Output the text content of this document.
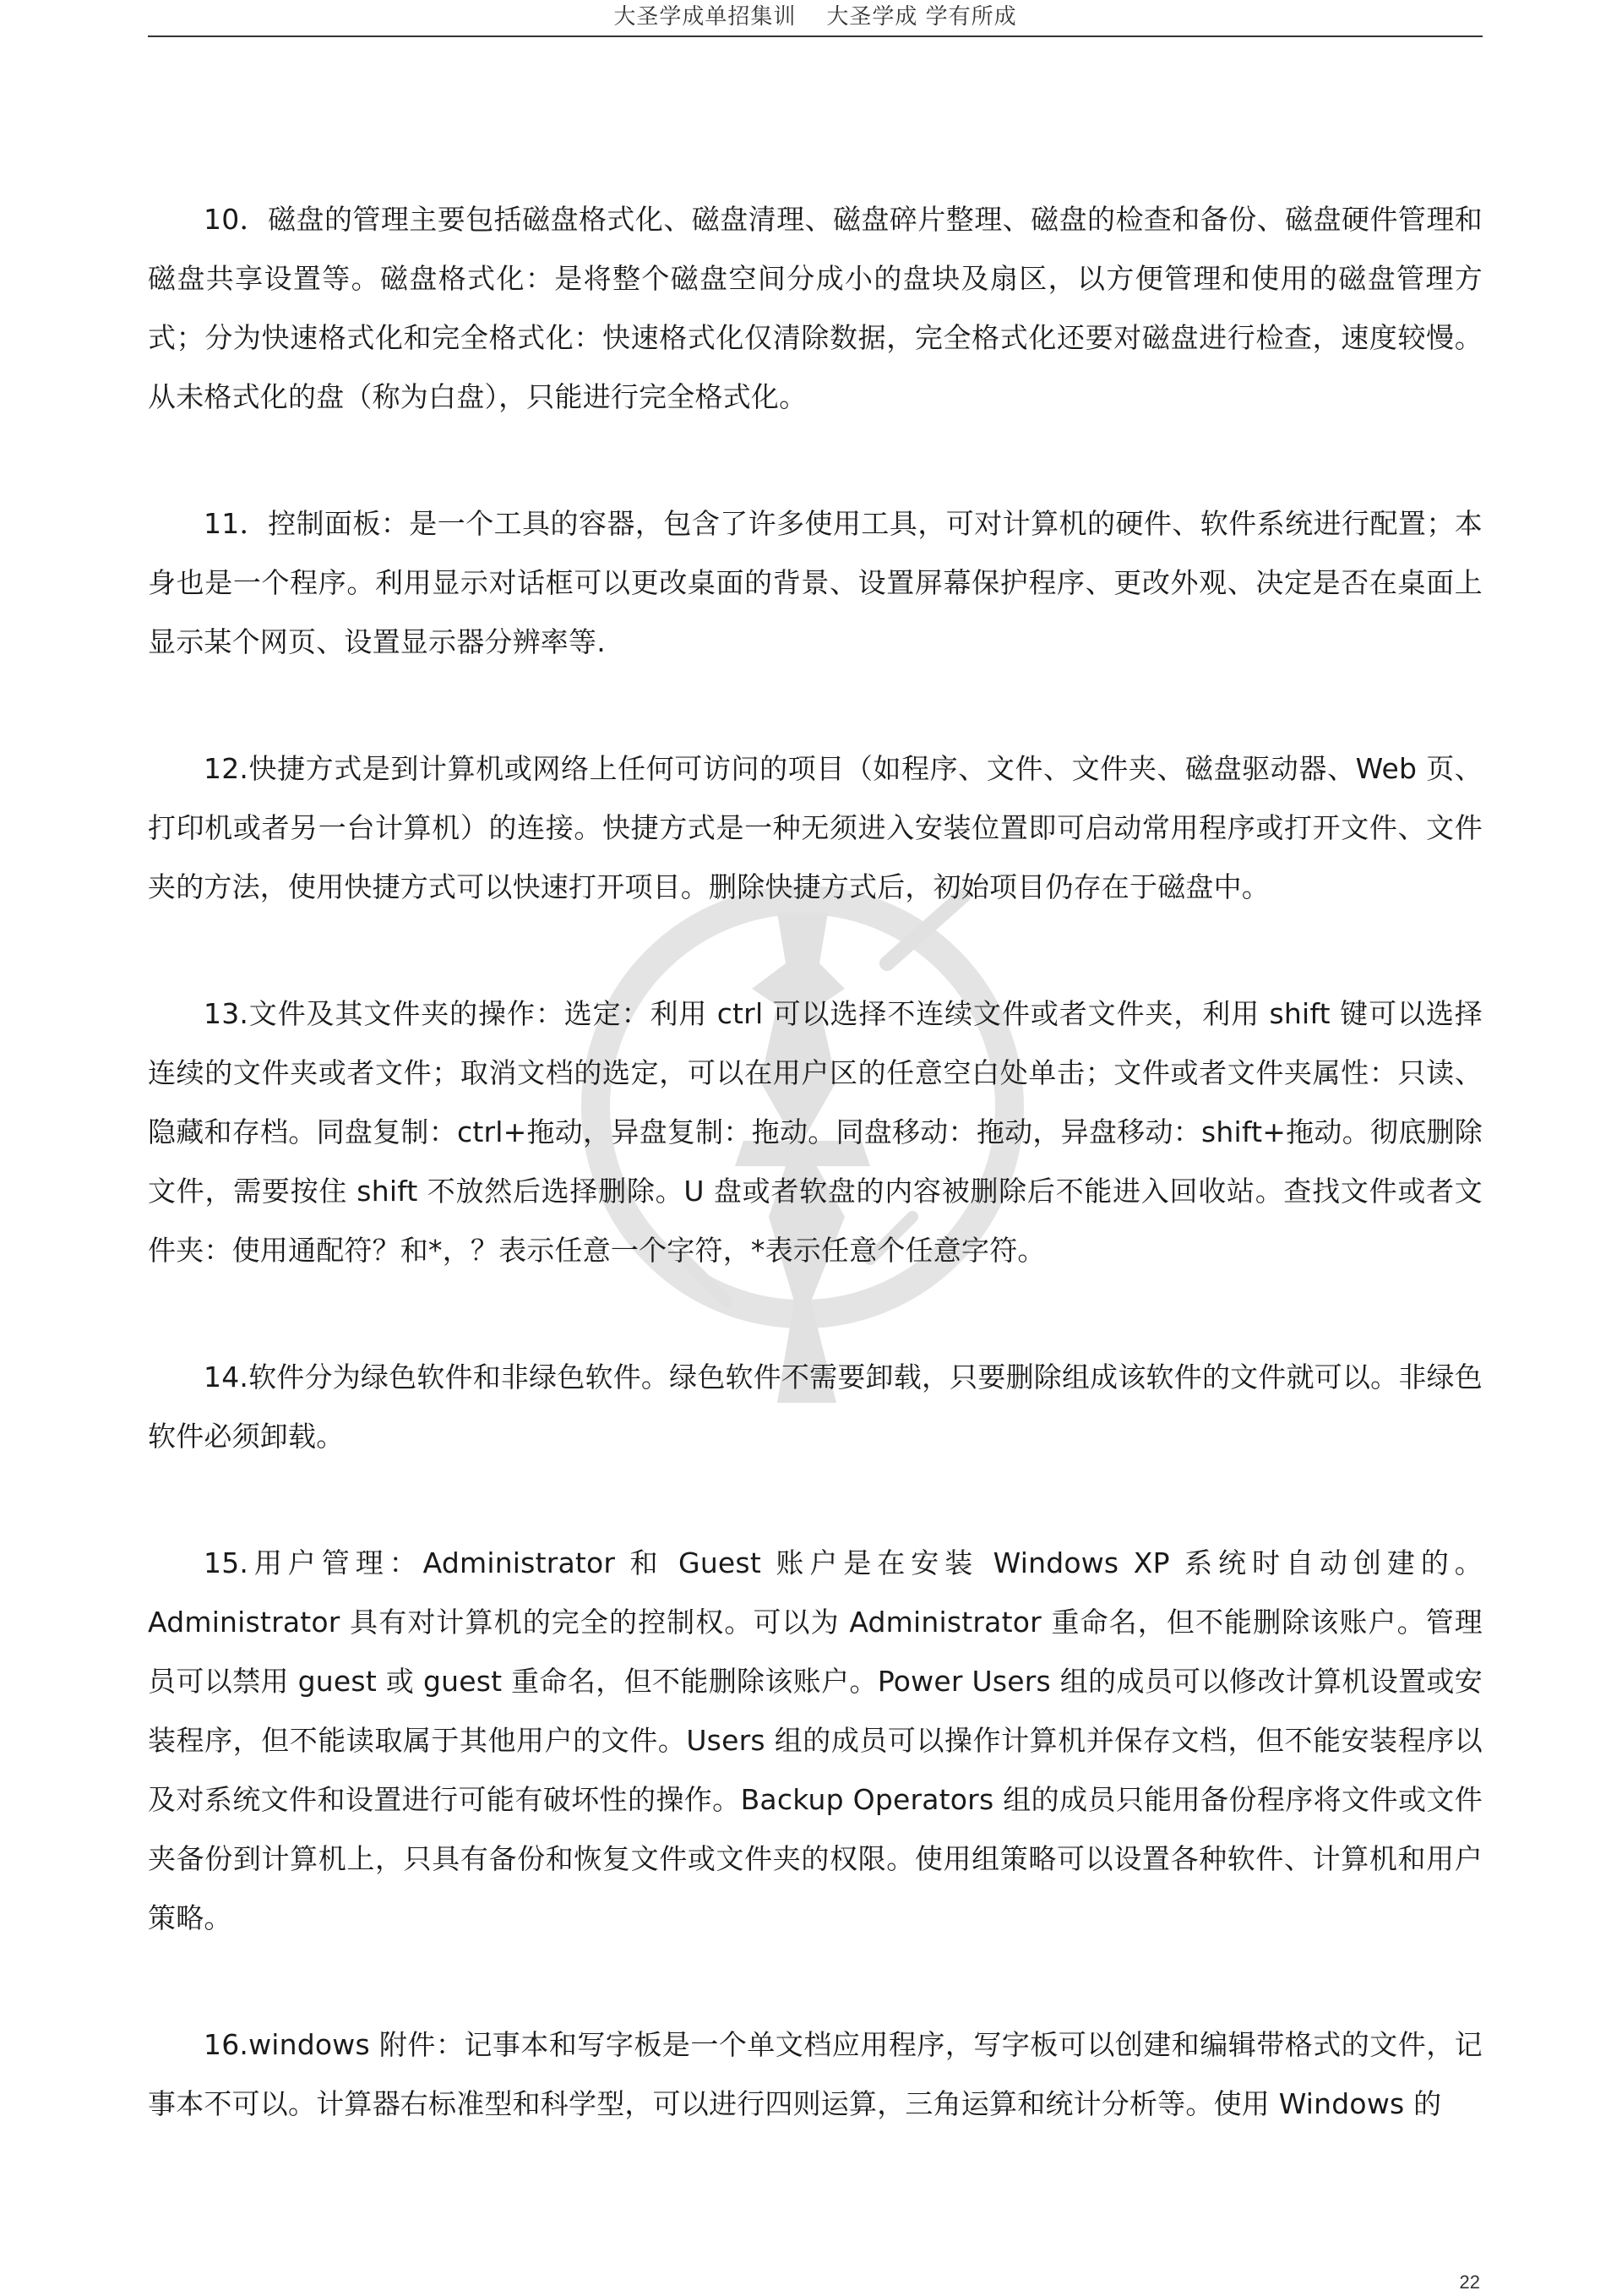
大圣学成单招集训 大圣学成 学有所成

10．磁盘的管理主要包括磁盘格式化、磁盘清理、磁盘碎片整理、磁盘的检查和备份、磁盘硬件管理和磁盘共享设置等。磁盘格式化：是将整个磁盘空间分成小的盘块及扇区，以方便管理和使用的磁盘管理方式；分为快速格式化和完全格式化：快速格式化仅清除数据，完全格式化还要对磁盘进行检查，速度较慢。从未格式化的盘（称为白盘），只能进行完全格式化。

11．控制面板：是一个工具的容器，包含了许多使用工具，可对计算机的硬件、软件系统进行配置；本身也是一个程序。利用显示对话框可以更改桌面的背景、设置屏幕保护程序、更改外观、决定是否在桌面上显示某个网页、设置显示器分辨率等.

12.快捷方式是到计算机或网络上任何可访问的项目（如程序、文件、文件夹、磁盘驱动器、Web 页、打印机或者另一台计算机）的连接。快捷方式是一种无须进入安装位置即可启动常用程序或打开文件、文件夹的方法，使用快捷方式可以快速打开项目。删除快捷方式后，初始项目仍存在于磁盘中。

13.文件及其文件夹的操作：选定：利用 ctrl 可以选择不连续文件或者文件夹，利用 shift 键可以选择连续的文件夹或者文件；取消文档的选定，可以在用户区的任意空白处单击；文件或者文件夹属性：只读、隐藏和存档。同盘复制：ctrl+拖动，异盘复制：拖动。同盘移动：拖动，异盘移动：shift+拖动。彻底删除文件，需要按住 shift 不放然后选择删除。U 盘或者软盘的内容被删除后不能进入回收站。查找文件或者文件夹：使用通配符？和*，？表示任意一个字符，*表示任意个任意字符。

14.软件分为绿色软件和非绿色软件。绿色软件不需要卸载，只要删除组成该软件的文件就可以。非绿色软件必须卸载。

15.用户管理：Administrator 和 Guest 账户是在安装 Windows XP 系统时自动创建的。Administrator 具有对计算机的完全的控制权。可以为 Administrator 重命名，但不能删除该账户。管理员可以禁用 guest 或 guest 重命名，但不能删除该账户。Power Users 组的成员可以修改计算机设置或安装程序，但不能读取属于其他用户的文件。Users 组的成员可以操作计算机并保存文档，但不能安装程序以及对系统文件和设置进行可能有破坏性的操作。Backup Operators 组的成员只能用备份程序将文件或文件夹备份到计算机上，只具有备份和恢复文件或文件夹的权限。使用组策略可以设置各种软件、计算机和用户策略。

16.windows 附件：记事本和写字板是一个单文档应用程序，写字板可以创建和编辑带格式的文件，记事本不可以。计算器右标准型和科学型，可以进行四则运算，三角运算和统计分析等。使用 Windows 的

22
